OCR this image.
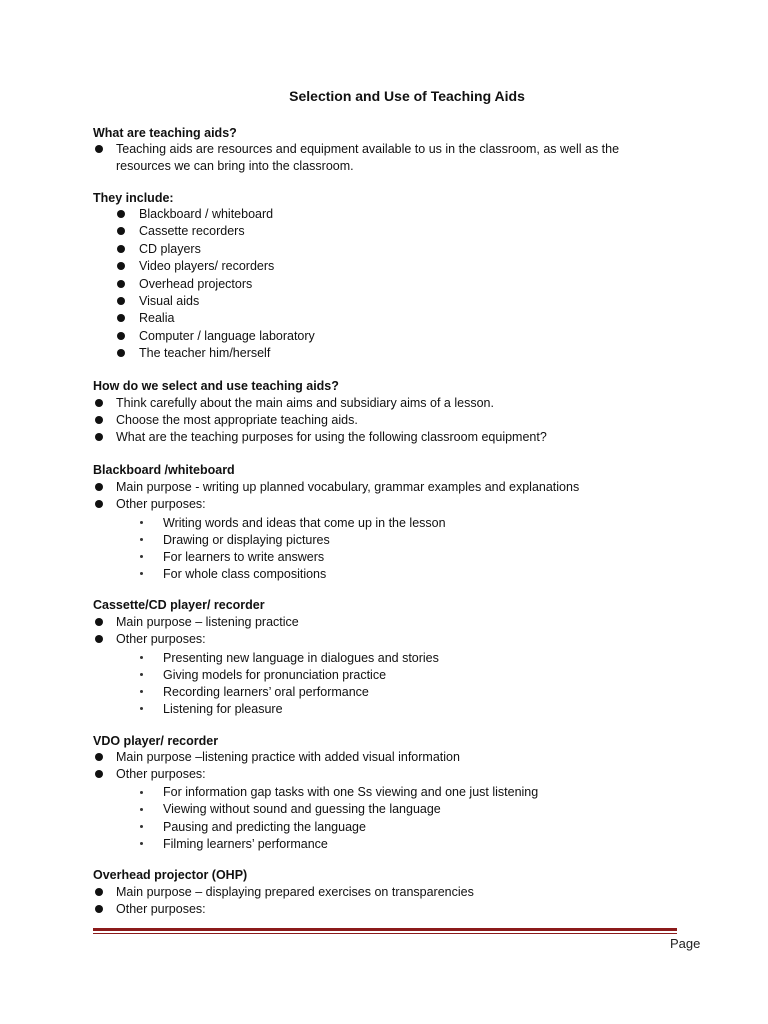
Selection and Use of Teaching Aids
What are teaching aids?
Teaching aids are resources and equipment available to us in the classroom, as well as the
resources we can bring into the classroom.
They include:
Blackboard / whiteboard
Cassette recorders
CD players
Video players/ recorders
Overhead projectors
Visual aids
Realia
Computer / language laboratory
The teacher him/herself
How do we select and use teaching aids?
Think carefully about the main aims and subsidiary aims of a lesson.
Choose the most appropriate teaching aids.
What are the teaching purposes for using the following classroom equipment?
Blackboard /whiteboard
Main purpose - writing up planned vocabulary, grammar examples and explanations
Other purposes:
Writing words and ideas that come up in the lesson
Drawing or displaying pictures
For learners to write answers
For whole class compositions
Cassette/CD player/ recorder
Main purpose – listening practice
Other purposes:
Presenting new language in dialogues and stories
Giving models for pronunciation practice
Recording learners’ oral performance
Listening for pleasure
VDO player/ recorder
Main purpose –listening practice with added visual information
Other purposes:
For information gap tasks with one Ss viewing and one just listening
Viewing without sound and guessing the language
Pausing and predicting the language
Filming learners’ performance
Overhead projector (OHP)
Main purpose – displaying prepared exercises on transparencies
Other purposes:
Page
